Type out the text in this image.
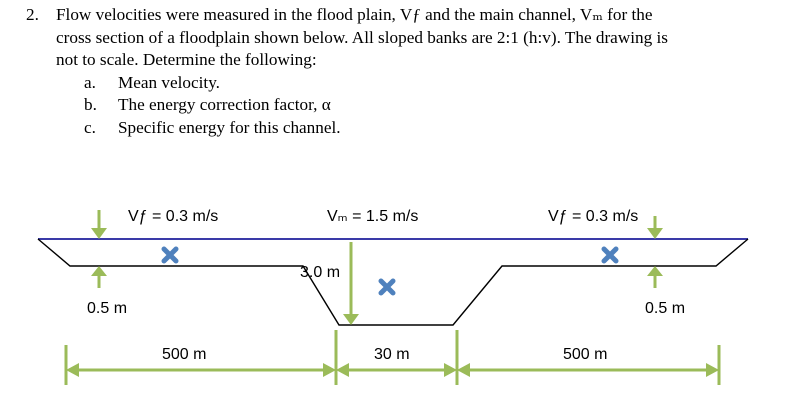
2. Flow velocities were measured in the flood plain, Vƒ and the main channel, Vₘ for the
cross section of a floodplain shown below. All sloped banks are 2:1 (h:v). The drawing is
not to scale. Determine the following:
a.	Mean velocity.
b.	The energy correction factor, α
c.	Specific energy for this channel.
Vƒ = 0.3 m/s	Vₘ = 1.5 m/s	Vƒ = 0.3 m/s
0.5 m
3.0 m
0.5 m
500 m	30 m	500 m
